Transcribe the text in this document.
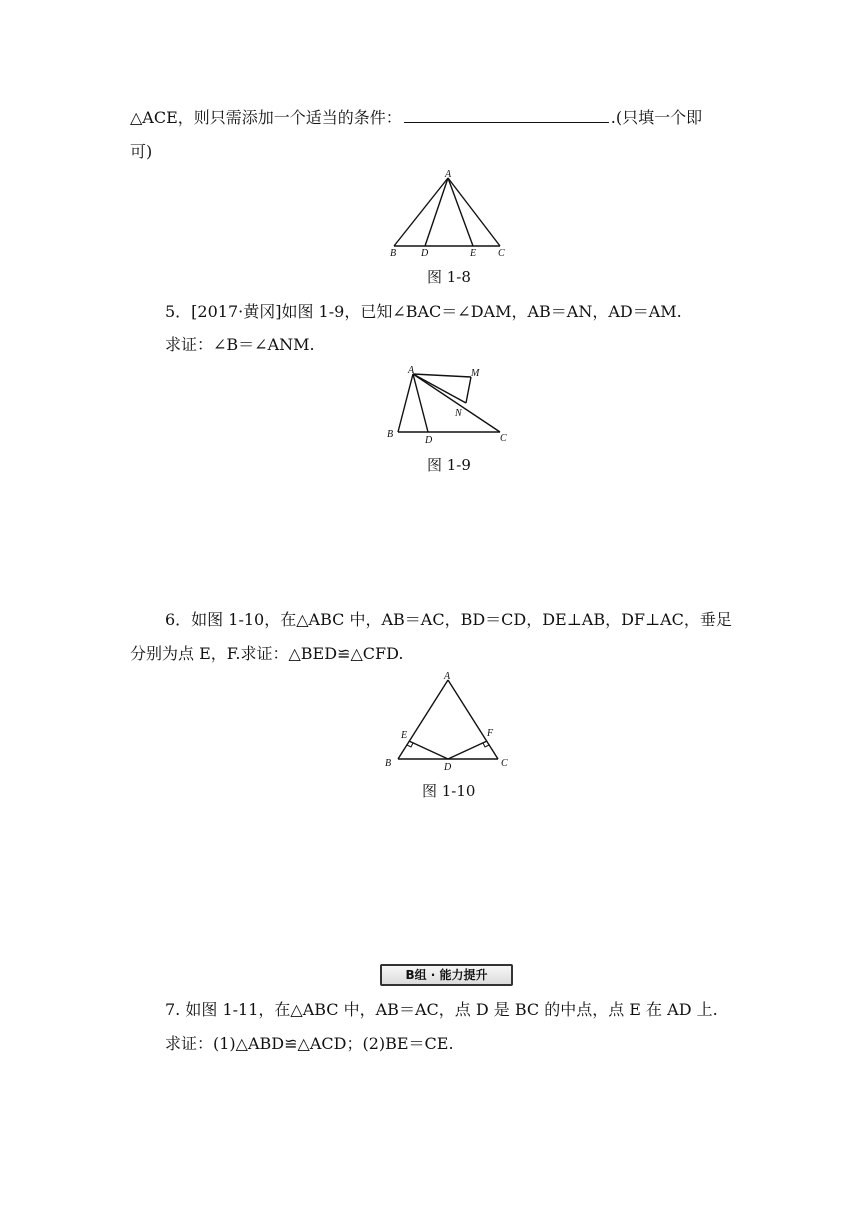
△ACE，则只需添加一个适当的条件：	.(只填一个即
可)
A
B D	E C
图 1-8
5．[2017·黄冈]如图 1-9，已知∠BAC＝∠DAM，AB＝AN，AD＝AM.
求证：∠B＝∠ANM.
A	M
N
B
D	C
图 1-9
6．如图 1-10，在△ABC 中，AB＝AC，BD＝CD，DE⊥AB，DF⊥AC，垂足
分别为点 E，F.求证：△BED≌△CFD.
A
E	F
B	D	C
图 1-10
B组 · 能力提升
7. 如图 1-11，在△ABC 中，AB＝AC，点 D 是 BC 的中点，点 E 在 AD 上.
求证：(1)△ABD≌△ACD；(2)BE＝CE.
